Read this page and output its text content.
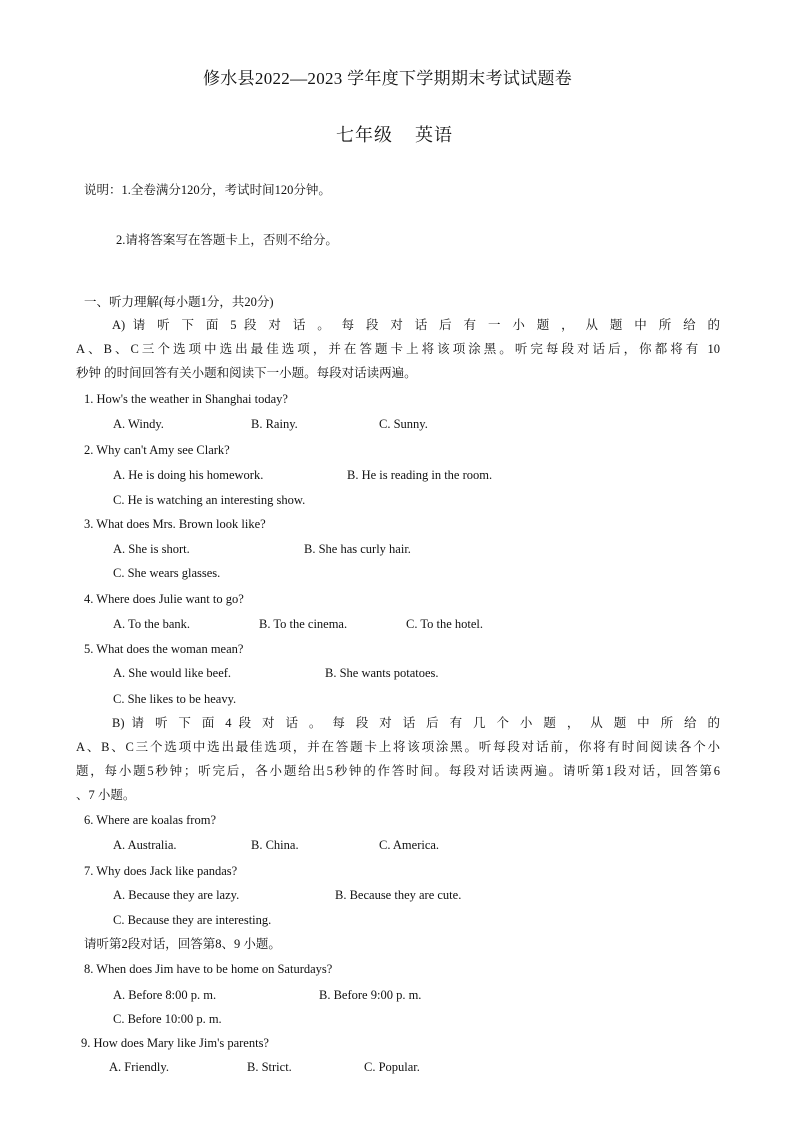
修水县2022—2023 学年度下学期期末考试试题卷
七年级 英语
说明：1.全卷满分120分，考试时间120分钟。
2.请将答案写在答题卡上，否则不给分。
一、听力理解(每小题1分，共20分)
A) 请 听 下 面 5 段 对 话 。 每 段 对 话 后 有 一 小 题 ， 从 题 中 所 给 的
A、B、C三个选项中选出最佳选项，并在答题卡上将该项涂黑。听完每段对话后，你都将有 10
秒钟 的时间回答有关小题和阅读下一小题。每段对话读两遍。
1. How's the weather in Shanghai today?
A. Windy.	B. Rainy.	C. Sunny.
2. Why can't Amy see Clark?
A. He is doing his homework.	B. He is reading in the room.
C. He is watching an interesting show.
3. What does Mrs. Brown look like?
A. She is short.	B. She has curly hair.
C. She wears glasses.
4. Where does Julie want to go?
A. To the bank.	B. To the cinema.	C. To the hotel.
5. What does the woman mean?
A. She would like beef.	B. She wants potatoes.
C. She likes to be heavy.
B) 请 听 下 面 4 段 对 话 。 每 段 对 话 后 有 几 个 小 题 ， 从 题 中 所 给 的
A、B、C三个选项中选出最佳选项，并在答题卡上将该项涂黑。听每段对话前，你将有时间阅读各个小
题，每小题5秒钟；听完后，各小题给出5秒钟的作答时间。每段对话读两遍。请听第1段对话，回答第6
、7 小题。
6. Where are koalas from?
A. Australia.	B. China.	C. America.
7. Why does Jack like pandas?
A. Because they are lazy.	B. Because they are cute.
C. Because they are interesting.
请听第2段对话，回答第8、9 小题。
8. When does Jim have to be home on Saturdays?
A. Before 8:00 p. m.	B. Before 9:00 p. m.
C. Before 10:00 p. m.
9. How does Mary like Jim's parents?
A. Friendly.	B. Strict.	C. Popular.
